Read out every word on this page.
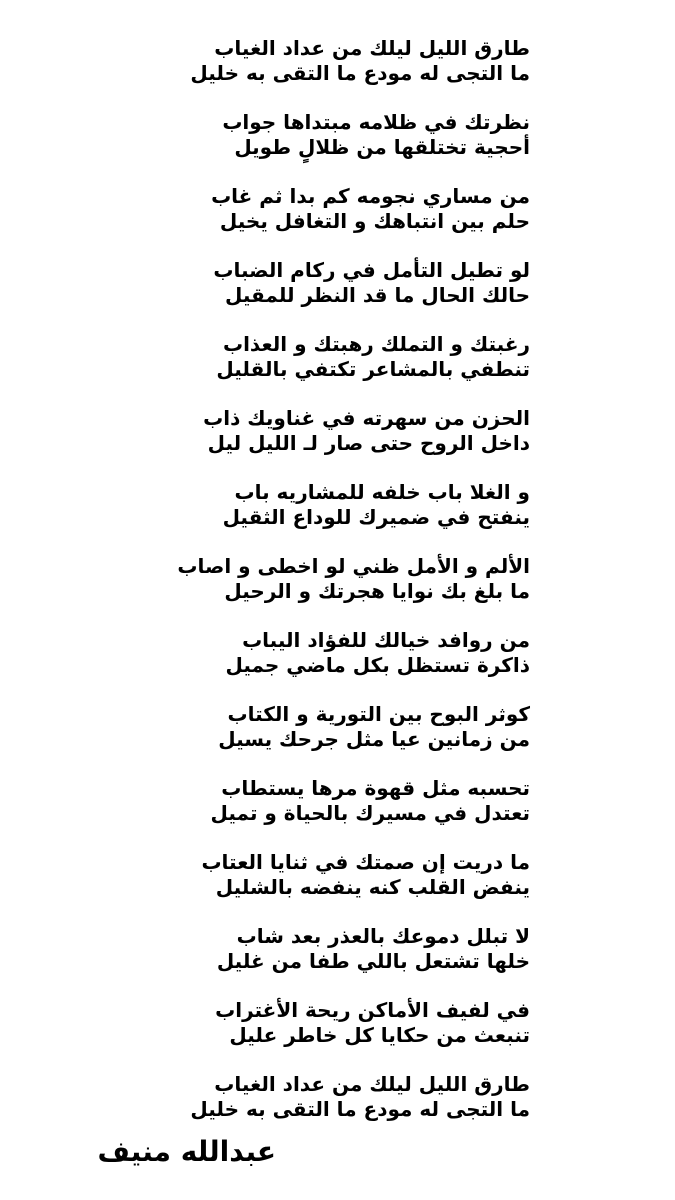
طارق الليل ليلك من عداد الغياب
ما التجى له مودع ما التقى به خليل
نظرتك في ظلامه مبتداها جواب
أحجية تختلقها من ظلالٍ طويل
من مساري نجومه كم بدا ثم غاب
حلم بين انتباهك و التغافل يخيل
لو تطيل التأمل في ركام الضباب
حالك الحال ما قد النظر للمقيل
رغبتك و التملك رهبتك و العذاب
تنطفي بالمشاعر تكتفي بالقليل
الحزن من سهرته في غناويك ذاب
داخل الروح حتى صار لـ الليل ليل
و الغلا باب خلفه للمشاريه باب
ينفتح في ضميرك للوداع الثقيل
الألم و الأمل ظني لو اخطى و اصاب
ما بلغ بك نوايا هجرتك و الرحيل
من روافد خيالك للفؤاد اليباب
ذاكرة تستظل بكل ماضي جميل
كوثر البوح بين التورية و الكتاب
من زمانين عيا مثل جرحك يسيل
تحسبه مثل قهوة مرها يستطاب
تعتدل في مسيرك بالحياة و تميل
ما دريت إن صمتك في ثنايا العتاب
ينفض القلب كنه ينفضه بالشليل
لا تبلل دموعك بالعذر بعد شاب
خلها تشتعل باللي طفا من غليل
في لفيف الأماكن ريحة الأغتراب
تنبعث من حكايا كل خاطر عليل
طارق الليل ليلك من عداد الغياب
ما التجى له مودع ما التقى به خليل
عبدالله منيف
